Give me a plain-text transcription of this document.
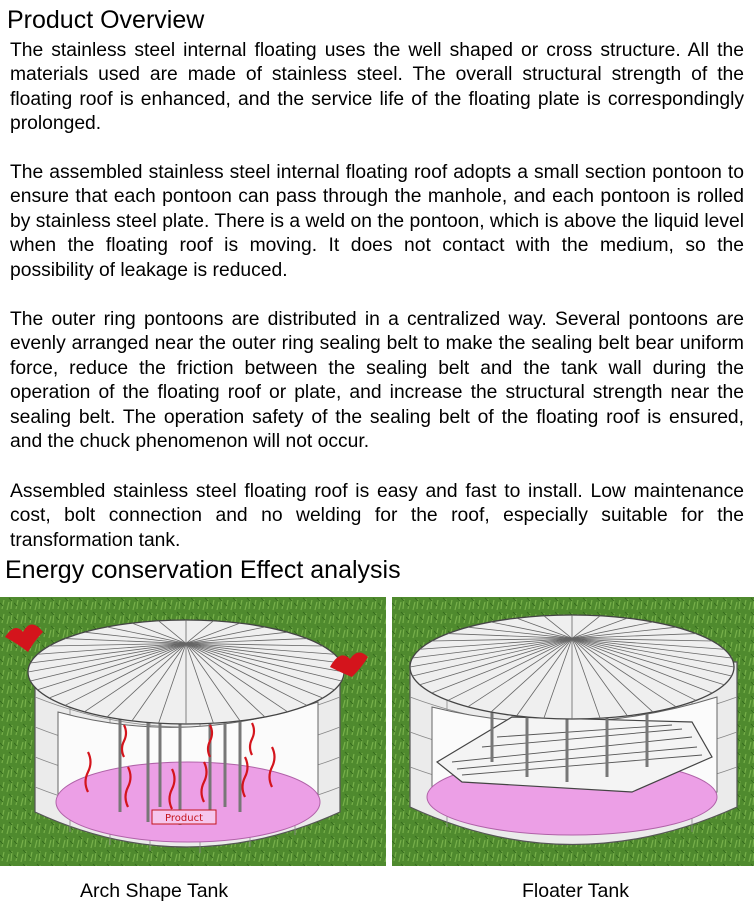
Product Overview

The stainless steel internal floating uses the well shaped or cross structure. All the materials used are made of stainless steel. The overall structural strength of the floating roof is enhanced, and the service life of the floating plate is correspondingly prolonged.

The assembled stainless steel internal floating roof adopts a small section pontoon to ensure that each pontoon can pass through the manhole, and each pontoon is rolled by stainless steel plate. There is a weld on the pontoon, which is above the liquid level when the floating roof is moving. It does not contact with the medium, so the possibility of leakage is reduced.

The outer ring pontoons are distributed in a centralized way. Several pontoons are evenly arranged near the outer ring sealing belt to make the sealing belt bear uniform force, reduce the friction between the sealing belt and the tank wall during the operation of the floating roof or plate, and increase the structural strength near the sealing belt. The operation safety of the sealing belt of the floating roof is ensured, and the chuck phenomenon will not occur.

Assembled stainless steel floating roof is easy and fast to install. Low maintenance cost, bolt connection and no welding for the roof, especially suitable for the transformation tank.

Energy conservation Effect analysis
Product
Arch Shape Tank	Floater Tank
